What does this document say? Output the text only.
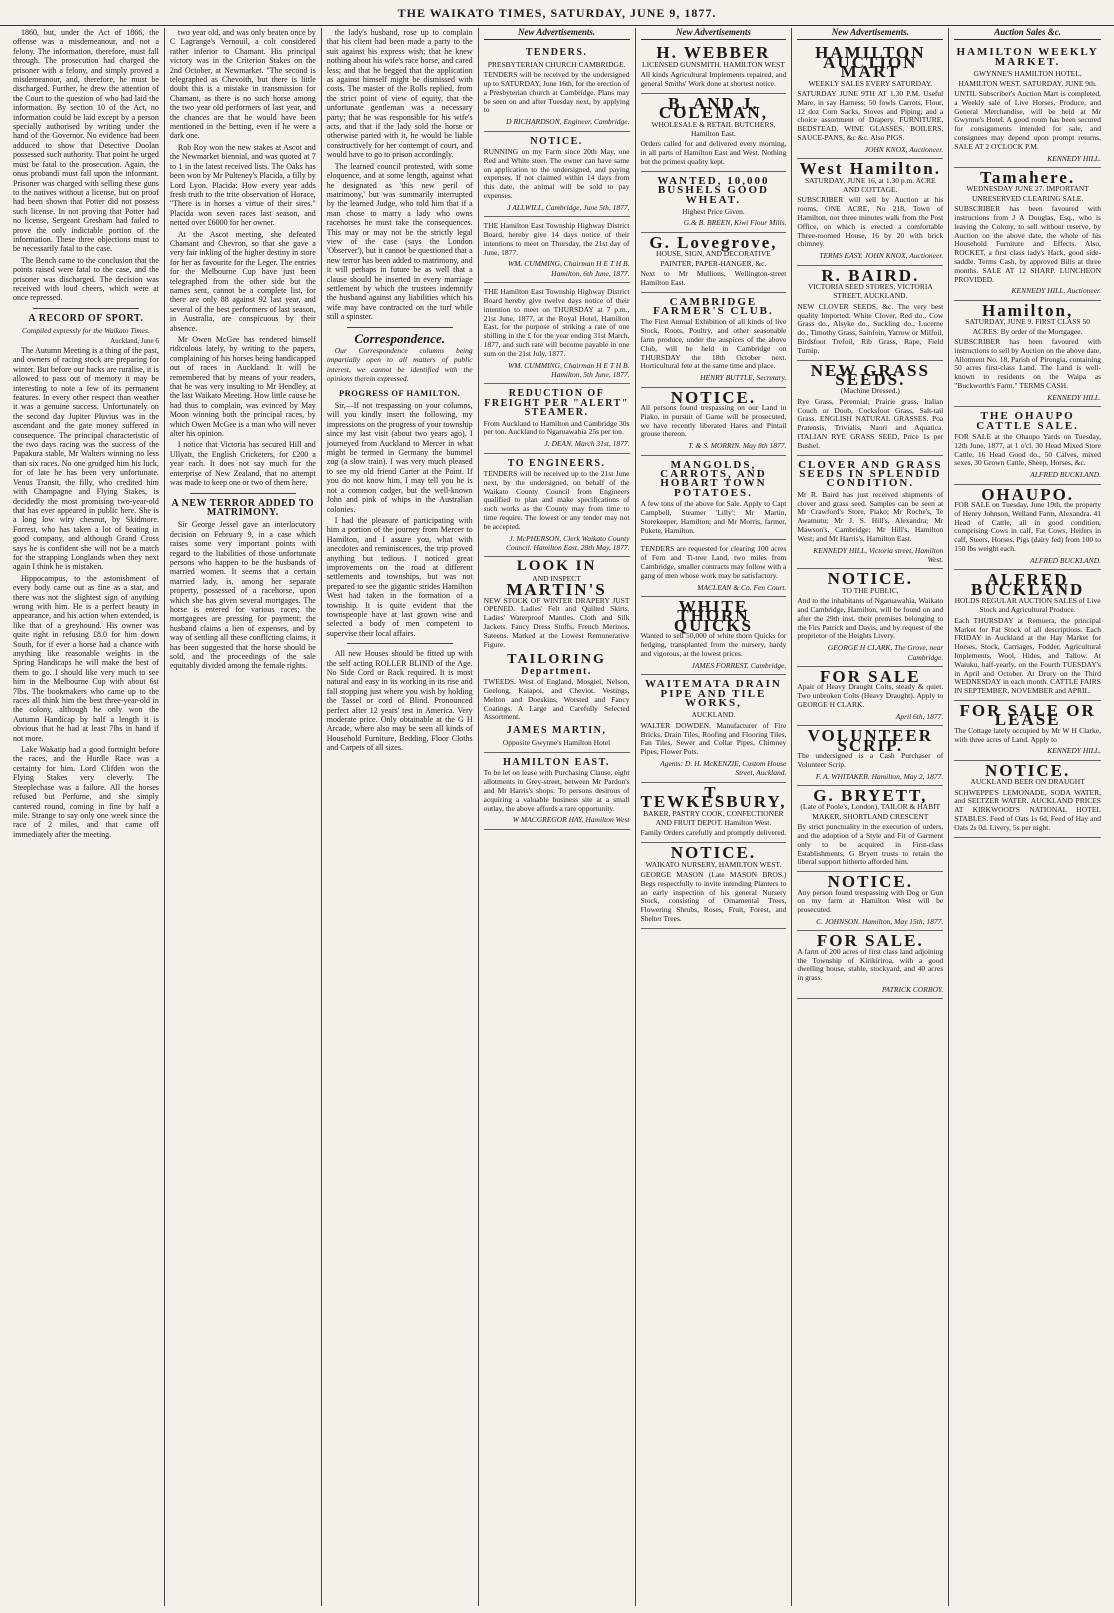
THE WAIKATO TIMES, SATURDAY, JUNE 9, 1877.

1860, but, under the Act of 1866, the offense was a misdemeanour, and not a felony. The information, therefore, must fall through. The prosecution had charged the prisoner with a felony, and simply proved a misdemeanour, and, therefore, he must be discharged. Further, he drew the attention of the Court to the question of who had laid the information. By section 10 of the Act, no information could be laid except by a person specially authorised by writing under the hand of the Governor. No evidence had been adduced to show that Detective Doolan possessed such authority. That point he urged must be fatal to the prosecution. Again, the onus probandi must fall upon the informant. Prisoner was charged with selling these guns to the natives without a license, but on proof had been shown that Potter did not possess such license. In not proving that Potter had no license, Sergeant Gresham had failed to prove the only indictable portion of the information. These three objections must to be necessarily fatal to the case.

The Bench came to the conclusion that the points raised were fatal to the case, and the prisoner was discharged. The decision was received with loud cheers, which were at once repressed.

A RECORD OF SPORT.
Compiled expressly for the Waikato Times.
Auckland, June 6

The Autumn Meeting is a thing of the past, and owners of racing stock are preparing for winter. But before our hacks are ruralise, it is allowed to pass out of memory it may be interesting to note a few of its permanent features. In every other respect than weather it was a genuine success. Unfortunately on the second day Jupiter Pluvius was in the ascendant and the gate money suffered in consequence. The principal characteristic of the two days racing was the success of the Papakura stable, Mr Walters winning no less than six races. No one grudged him his luck, for of late he has been very unfortunate. Venus Transit, the filly, who credited him with Champagne and Flying Stakes, is decidedly the most promising two-year-old that has ever appeared in public here. She is a long low wiry chesnut, by Skidmore. Forrest, who has taken a lot of beating in good company, and although Grand Cross says he is confident she will not be a match for the strapping Longlands when they next again I think he is mistaken.

Hippocampus, to the astonishment of every body came out as fine as a star, and there was not the slightest sign of anything wrong with him. He is a perfect beauty in appearance, and his action when extended, is like that of a greyhound. His owner was quite right in refusing £8.0 for him down South, for if ever a horse had a chance with anything like reasonable weights in the Spring Handicaps he will make the best of them to go. I should like very much to see him in the Melbourne Cup with about 6st 7lbs. The bookmakers who came up to the races all think him the best three-year-old in the colony, although he only won the Autumn Handicap by half a length it is obvious that he had at least 7lbs in hand if not more.

Lake Wakatip had a good fortnight before the races, and the Hurdle Race was a certainty for him. Lord Clifden won the Flying Stakes very cleverly. The Steeplechase was a failure. All the horses refused but Perfume, and she simply cantered round, coming in fine by half a mile. Strange to say only one week since the race of 2 miles, and that came off immediately after the meeting.

two year old, and was only beaten once by C Lagrange's Vernouil, a colt considered rather inferior to Chamant. His principal victory was in the Criterion Stakes on the 2nd October, at Newmarket. "The second is telegraphed as Chevoith, but there is little doubt this is a mistake in transmission for Chamant, as there is no such horse among the two year old performers of last year, and the chances are that he would have been mentioned in the betting, even if he were a dark one.

Rob Roy won the new stakes at Ascot and the Newmarket biennial, and was quoted at 7 to 1 in the latest received lists. The Oaks has been won by Mr Pulteney's Placida, a filly by Lord Lyon. Placida: How every year adds fresh truth to the trite observation of Horace, "There is in horses a virtue of their sires." Placida won seven races last season, and netted over £6000 for her owner.

At the Ascot meeting, she defeated Chamant and Chevron, so that she gave a very fair inkling of the higher destiny in store for her as favourite for the Leger. The entries for the Melbourne Cup have just been telegraphed from the other side but the names sent, cannot be a complete list, for there are only 88 against 92 last year, and several of the best performers of last season, in Australia, are conspicuous by their absence.

Mr Owen McGee has rendered himself ridiculous lately, by writing to the papers, complaining of his horses being handicapped out of races in Auckland. It will be remembered that by means of your readers, that he was very insulting to Mr Hendley, at the last Waikato Meeting. How little cause he had thus to complain, was evinced by May Moon winning both the principal races, by which Owen McGee is a man who will never alter his opinion.

I notice that Victoria has secured Hill and Ullyatt, the English Cricketers, for £200 a year each. It does not say much for the enterprise of New Zealand, that no attempt was made to keep one or two of them here.

A NEW TERROR ADDED TO MATRIMONY.

Sir George Jessel gave an interlocutory decision on February 9, in a case which raises some very important points with regard to the liabilities of those unfortunate persons who happen to be the husbands of married women. It seems that a certain married lady, is, among her separate property, possessed of a racehorse, upon which she has given several mortgages. The horse is entered for various races; the mortgagees are pressing for payment; the husband claims a lien of expenses, and by way of settling all these conflicting claims, it has been suggested that the horse should be sold, and the proceedings of the sale equitably divided among the female rights.

the lady's husband, rose up to complain that his client had been made a party to the suit against his express wish; that he knew nothing about his wife's race horse, and cared less; and that he begged that the application as against himself might be dismissed with costs. The master of the Rolls replied, from the strict point of view of equity, that the unfortunate gentleman was a necessary party; that he was responsible for his wife's acts, and that if the lady sold the horse or otherwise parted with it, he would be liable constructively for her contempt of court, and would have to go to prison accordingly.

The learned council protested, with some eloquence, and at some length, against what he designated as 'this new peril of matrimony,' but was summarily interrupted by the learned Judge, who told him that if a man chose to marry a lady who owns racehorses he must take the consequences. This may or may not be the strictly legal view of the case (says the London 'Observer'), but it cannot be questioned that a new terror has been added to matrimony, and it will perhaps in future be as well that a clause should be inserted in every marriage settlement by which the trustees indemnify the husband against any liabilities which his wife may have contracted on the turf while still a spinster.

Correspondence.

Our Correspondence columns being impartially open to all matters of public interest, we cannot be identified with the opinions therein expressed.

PROGRESS OF HAMILTON.

Sir,—If not trespassing on your columns, will you kindly insert the following, my impressions on the progress of your township since my last visit (about two years ago). I journeyed from Auckland to Mercer in what might be termed in Germany the bummel zug (a slow train). I was very much pleased to see my old friend Carter at the Point. If you do not know him, I may tell you he is not a common cadger, but the well-known John and pink of whips in the Australian colonies.

I had the pleasure of participating with him a portion of the journey from Mercer to Hamilton, and I assure you, what with anecdotes and reminiscences, the trip proved anything but tedious. I noticed great improvements on the road at different settlements and townships, but was not prepared to see the gigantic strides Hamilton West had taken in the formation of a township. It is quite evident that the townspeople have at last grown wise and selected a body of men competent to supervise their local affairs.

All new Houses should be fitted up with the self acting ROLLER BLIND of the Age. No Side Cord or Rack required. It is most natural and easy in its working in its rise and fall stopping just where you wish by holding the Tassel or cord of Blind. Pronounced perfect after 12 years' test in America. Very moderate price. Only obtainable at the G H Arcade, where also may be seen all kinds of Household Furniture, Bedding, Floor Cloths and Carpets of all sizes.

New Advertisements.
TENDERS.
PRESBYTERIAN CHURCH CAMBRIDGE.
TENDERS will be received by the undersigned up to SATURDAY, June 16th, for the erection of a Presbyterian church at Cambridge. Plans may be seen on and after Tuesday next, by applying to
D RICHARDSON, Engineer, Cambridge.
NOTICE.
RUNNING on my Farm since 20th May, one Red and White steer. The owner can have same on application to the undersigned, and paying expenses. If not claimed within 14 days from this date, the animal will be sold to pay expenses.
J ALLWILL, Cambridge, June 5th, 1877.
THE Hamilton East Township Highway District Board, hereby give 14 days notice of their intentions to meet on Thursday, the 21st day of June, 1877.
WM. CUMMING, Chairman H E T H B. Hamilton, 6th June, 1877.
THE Hamilton East Township Highway District Board hereby give twelve days notice of their intention to meet on THURSDAY at 7 p.m., 21st June, 1877, at the Royal Hotel, Hamilton East, for the purpose of striking a rate of one shilling in the £ for the year ending 31st March, 1877, and such rate will become payable in one sum on the 21st July, 1877.
WM. CUMMING, Chairman H E T H B. Hamilton, 5th June, 1877.
REDUCTION OF FREIGHT PER "ALERT" STEAMER.
From Auckland to Hamilton and Cambridge 30s per ton. Auckland to Ngaruawahia 25s per ton.
J. DEAN. March 31st, 1877.
TO ENGINEERS.
TENDERS will be received up to the 21st June next, by the undersigned, on behalf of the Waikato County Council from Engineers qualified to plan and make specifications of such works as the County may from time to time require. The lowest or any tender may not be accepted.
J. McPHERSON, Clerk Waikato County Council. Hamilton East, 28th May, 1877.
LOOK IN
AND INSPECT
MARTIN'S
NEW STOCK OF WINTER DRAPERY JUST OPENED. Ladies' Felt and Quilted Skirts. Ladies' Waterproof Mantles. Cloth and Silk Jackets. Fancy Dress Stuffs, French Merinos, Sateens. Marked at the Lowest Remunerative Figure.
TAILORING
Department.
TWEEDS. West of England, Mosgiel, Nelson, Geelong, Kaiapoi, and Cheviot. Vestings, Melton and Doeskins, Worsted and Fancy Coatings. A Large and Carefully Selected Assortment.
JAMES MARTIN,
Opposite Gwynne's Hamilton Hotel
HAMILTON EAST.
To be let on lease with Purchasing Clause, eight allotments in Grey-street, between Mr Pardon's and Mr Harris's shops. To persons desirous of acquiring a valuable business site at a small outlay, the above affords a rare opportunity.
W MACGREGOR HAY, Hamilton West
New Advertisements
H. WEBBER
LICENSED GUNSMITH. HAMILTON WEST
All kinds Agricultural Implements repaired, and general Smiths' Work done at shortest notice.
B. AND J. COLEMAN,
WHOLESALE & RETAIL BUTCHERS, Hamilton East.
Orders called for and delivered every morning, in all parts of Hamilton East and West. Nothing but the primest quality kept.
WANTED, 10,000 BUSHELS GOOD WHEAT.
Highest Price Given.
G.& B. BREEN, Kiwi Flour Mills.
G. Lovegrove,
HOUSE, SIGN, AND DECORATIVE PAINTER, PAPER-HANGER, &c.
Next to Mr Mullions, Wellington-street Hamilton East.
CAMBRIDGE FARMER'S CLUB.
The First Annual Exhibition of all kinds of live Stock, Roots, Poultry, and other seasonable farm produce, under the auspices of the above Club, will be held in Cambridge on THURSDAY the 18th October next. Horticultural fete at the same time and place.
HENRY BUTTLE, Secretary.
NOTICE.
All persons found trespassing on our Land in Piako, in pursuit of Game will be prosecuted, we have recently liberated Hares and Pintail grouse thereon.
T. & S. MORRIN. May 8th 1877.
MANGOLDS, CARROTS, AND HOBART TOWN POTATOES.
A few tons of the above for Sale. Apply to Capt Campbell, Steamer 'Lilly'; Mr Martin, Storekeeper, Hamilton; and Mr Morris, farmer, Pukete, Hamilton.
TENDERS are requested for clearing 100 acres of Fern and Ti-tree Land, two miles from Cambridge, smaller contracts may follow with a gang of men whose work may be satisfactory.
MACLEAN & Co. Fen Court.
WHITE THORN QUICKS
Wanted to sell 50,000 of white thorn Quicks for hedging, transplanted from the nursery, hardy and vigorous, at the lowest prices.
JAMES FORREST. Cambridge.
WAITEMATA DRAIN PIPE AND TILE WORKS,
AUCKLAND.
WALTER DOWDEN. Manufacturer of Fire Bricks, Drain Tiles, Roofing and Flooring Tiles, Fan Tiles, Sewer and Collar Pipes, Chimney Pipes, Flower Pots.
Agents: D. H. McKENZIE, Custom House Street, Auckland.
T. TEWKESBURY,
BAKER, PASTRY COOK, CONFECTIONER AND FRUIT DEPOT. Hamilton West.
Family Orders carefully and promptly delivered.
NOTICE.
WAIKATO NURSERY, HAMILTON WEST.
GEORGE MASON (Late MASON BROS.) Begs respectfully to invite intending Planters to an early inspection of his general Nursery Stock, consisting of Ornamental Trees, Flowering Shrubs, Roses, Fruit, Forest, and Shelter Trees.
New Advertisements.
HAMILTON AUCTION MART
WEEKLY SALES EVERY SATURDAY.
SATURDAY JUNE 9TH AT 1.30 P.M. Useful Mare, in say Harness; 50 fowls Carrots, Flour, 12 doz Corn Sacks, Stoves and Piping; and a choice assortment of Drapery. FURNITURE, BEDSTEAD, WINE GLASSES, BOILERS, SAUCE-PANS, &c &c. Also PIGS.
JOHN KNOX, Auctioneer.
West Hamilton.
SATURDAY, JUNE 16, at 1.30 p.m. ACRE AND COTTAGE.
SUBSCRIBER will sell by Auction at his rooms, ONE ACRE, No 218, Town of Hamilton, not three minutes walk from the Post Office, on which is erected a comfortable Three-roomed House, 16 by 20 with brick chimney.
TERMS EASY. JOHN KNOX, Auctioneer.
R. BAIRD.
VICTORIA SEED STORES, VICTORIA STREET, AUCKLAND.
NEW CLOVER SEEDS, &c. The very best quality Imported. White Clover, Red do., Cow Grass do., Alsyke do., Suckling do., Lucerne do., Timothy Grass, Sainfoin, Yarrow or Milfoil, Birdsfoot Trefoil, Rib Grass, Rape, Field Turnip.
NEW GRASS SEEDS.
(Machine Dressed.)
Rye Grass, Perennial; Prairie grass, Italian Couch or Doob, Cocksfoot Grass, Salt-tail Grass. ENGLISH NATURAL GRASSES. Poa Pratensis, Trivialis, Naori and Aquatica. ITALIAN RYE GRASS SEED, Price 1s per Bushel.
CLOVER AND GRASS SEEDS IN SPLENDID CONDITION.
Mr R. Baird has just received shipments of clover and grass seed. Samples can be seen at Mr Crawford's Store, Piako; Mr Roche's, Te Awamutu; Mr J. S. Hill's, Alexandra; Mr Mawson's, Cambridge; Mr Hill's, Hamilton West; and Mr Harris's, Hamilton East.
KENNEDY HILL, Victoria street, Hamilton West.
NOTICE.
TO THE PUBLIC,
And to the inhabitants of Ngaruawahia, Waikato and Cambridge, Hamilton, will be found on and after the 29th inst. their premises belonging to the Firs Patrick and Davis, and by request of the proprietor of the Heights Livery.
GEORGE H CLARK, The Grove, near Cambridge.
FOR SALE
Apair of Heavy Draught Colts, steady & quiet. Two unbroken Colts (Heavy Draught). Apply to GEORGE H CLARK.
April 6th, 1877.
VOLUNTEER SCRIP.
The undersigned is a Cash Purchaser of Volunteer Scrip.
F. A. WHITAKER. Hamilton, May 2, 1877.
G. BRYETT,
(Late of Poole's, London), TAILOR & HABIT MAKER, SHORTLAND CRESCENT
By strict punctuality in the execution of orders, and the adoption of a Style and Fit of Garment only to be acquired in First-class Establishments, G Bryett trusts to retain the liberal support hitherto afforded him.
NOTICE.
Any person found trespassing with Dog or Gun on my farm at Hamilton West will be prosecuted.
C. JOHNSON. Hamilton, May 15th, 1877.
FOR SALE.
A farm of 200 acres of first class land adjoining the Township of Kirikiriroa, with a good dwelling house, stable, stockyard, and 40 acres in grass.
PATRICK CORBOY.
Auction Sales &c.
HAMILTON WEEKLY MARKET.
GWYNNE'S HAMILTON HOTEL, HAMILTON WEST. SATURDAY, JUNE 9th.
UNTIL Subscriber's Auction Mart is completed, a Weekly sale of Live Horses, Produce, and General Merchandise, will be held at Mr Gwynne's Hotel. A good room has been secured for consignments intended for sale, and consignees may depend upon prompt returns. SALE AT 2 O'CLOCK P.M.
KENNEDY HILL.
Tamahere.
WEDNESDAY JUNE 27. IMPORTANT UNRESERVED CLEARING SALE.
SUBSCRIBER has been favoured with instructions from J A Douglas, Esq., who is leaving the Colony, to sell without reserve, by Auction on the above date, the whole of his Household Furniture and Effects. Also, ROCKET, a first class lady's Hack, good side-saddle. Terms Cash, by approved Bills at three months. SALE AT 12 SHARP. LUNCHEON PROVIDED.
KENNEDY HILL, Auctioneer.
Hamilton,
SATURDAY, JUNE 9. FIRST CLASS 50 ACRES. By order of the Mortgagee.
SUBSCRIBER has been favoured with instructions to sell by Auction on the above date, Allotment No. 18, Parish of Pirongia, containing 50 acres first-class Land. The Land is well-known to residents on the Waipa as "Buckworth's Farm." TERMS CASH.
KENNEDY HILL.
THE OHAUPO CATTLE SALE.
FOR SALE at the Ohaupo Yards on Tuesday, 12th June, 1877, at 1 o'cl. 30 Head Mixed Store Cattle, 16 Head Good do., 50 Calves, mixed sexes, 30 Grown Cattle, Sheep, Horses, &c.
ALFRED BUCKLAND.
OHAUPO.
FOR SALE on Tuesday, June 19th, the property of Henry Johnson, Welland Farm, Alexandra. 41 Head of Cattle, all in good condition, comprising Cows in calf, Fat Cows, Heifers in calf, Steers, Horses, Pigs (dairy fed) from 100 to 150 lbs weight each.
ALFRED BUCKLAND.
ALFRED BUCKLAND
HOLDS REGULAR AUCTION SALES of Live Stock and Agricultural Produce.
Each THURSDAY at Remuera, the principal Market for Fat Stock of all descriptions. Each FRIDAY in Auckland at the Hay Market for Horses, Stock, Carriages, Fodder, Agricultural Implements, Wool, Hides, and Tallow. At Waiuku, half-yearly, on the Fourth TUESDAY's in April and October. At Drury on the Third WEDNESDAY in each month. CATTLE FAIRS IN SEPTEMBER, NOVEMBER and APRIL.
FOR SALE OR LEASE
The Cottage lately occupied by Mr W H Clarke, with three acres of Land. Apply to
KENNEDY HILL.
NOTICE.
AUCKLAND BEER ON DRAUGHT
SCHWEPPE'S LEMONADE, SODA WATER, and SELTZER WATER. AUCKLAND PRICES AT KIRKWOOD'S NATIONAL HOTEL STABLES. Feed of Oats 1s 6d, Feed of Hay and Oats 2s 0d. Livery, 5s per night.
